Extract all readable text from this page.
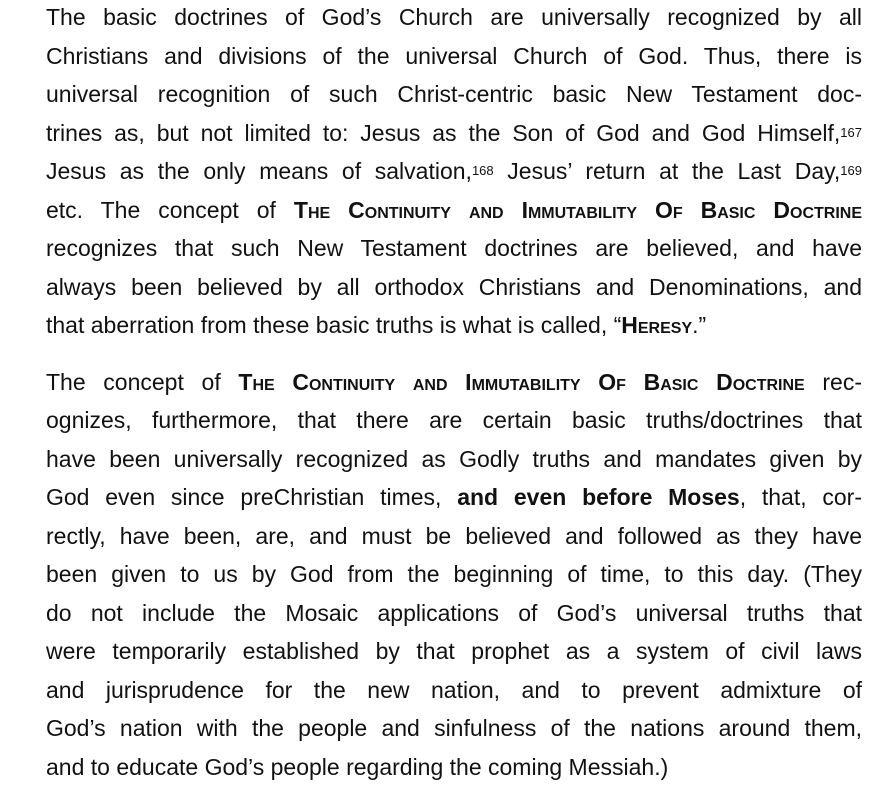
The basic doctrines of God’s Church are universally recognized by all
Christians and divisions of the universal Church of God. Thus, there is
universal recognition of such Christ-centric basic New Testament doc-
trines as, but not limited to: Jesus as the Son of God and God Himself,$^{167}$
Jesus as the only means of salvation,$^{168}$ Jesus’ return at the Last Day,$^{169}$
etc. The concept of The Continuity and Immutability Of Basic Doctrine
recognizes that such New Testament doctrines are believed, and have
always been believed by all orthodox Christians and Denominations, and
that aberration from these basic truths is what is called, “Heresy.”
The concept of The Continuity and Immutability Of Basic Doctrine rec-
ognizes, furthermore, that there are certain basic truths/doctrines that
have been universally recognized as Godly truths and mandates given by
God even since preChristian times, and even before Moses, that, cor-
rectly, have been, are, and must be believed and followed as they have
been given to us by God from the beginning of time, to this day. (They
do not include the Mosaic applications of God’s universal truths that
were temporarily established by that prophet as a system of civil laws
and jurisprudence for the new nation, and to prevent admixture of
God’s nation with the people and sinfulness of the nations around them,
and to educate God’s people regarding the coming Messiah.)
